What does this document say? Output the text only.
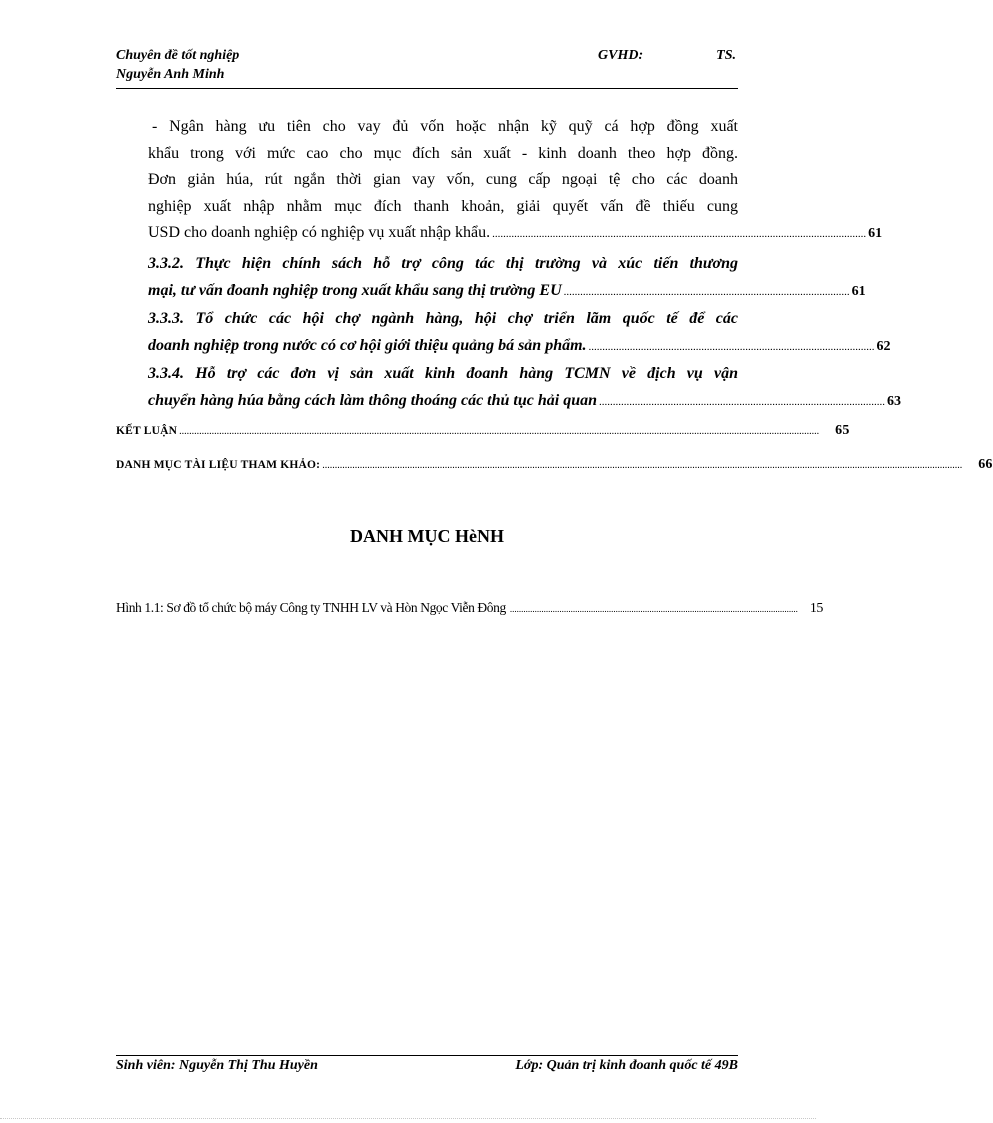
Chuyên đề tốt nghiệp	GVHD:	TS.
Nguyễn Anh Minh
- Ngân hàng ưu tiên cho vay đủ vốn hoặc nhận kỹ quỹ cá hợp đồng xuất
khẩu trong với mức cao cho mục đích sản xuất - kinh doanh theo hợp đồng.
Đơn giản húa, rút ngắn thời gian vay vốn, cung cấp ngoại tệ cho các doanh
nghiệp xuất nhập nhằm mục đích thanh khoản, giải quyết vấn đề thiếu cung
USD cho doanh nghiệp có nghiệp vụ xuất nhập khẩu. ........................................................................................................................................ 61
3.3.2. Thực hiện chính sách hỗ trợ công tác thị trường và xúc tiến thương
mại, tư vấn đoanh nghiệp trong xuất khẩu sang thị trường EU ........................................................................................................ 61
3.3.3. Tổ chức các hội chợ ngành hàng, hội chợ triển lãm quốc tế để các
doanh nghiệp trong nước có cơ hội giới thiệu quảng bá sản phẩm. ........................................................................................................ 62
3.3.4. Hỗ trợ các đơn vị sản xuất kinh đoanh hàng TCMN về địch vụ vận
chuyển hàng húa bằng cách làm thông thoáng các thủ tục hải quan ........................................................................................................ 63
KẾT LUẬN ................................................................................................................................................................................................................................................................ 65
DANH MỤC TÀI LIỆU THAM KHẢO: ................................................................................................................................................................................................................................................................ 66
DANH MỤC HèNH
Hình 1.1: Sơ đồ tổ chức bộ máy Công ty TNHH LV và Hòn Ngọc Viễn Đông ................................................................................................................................ 15
Sinh viên: Nguyễn Thị Thu Huyền	Lớp: Quản trị kinh đoanh quốc tế 49B
